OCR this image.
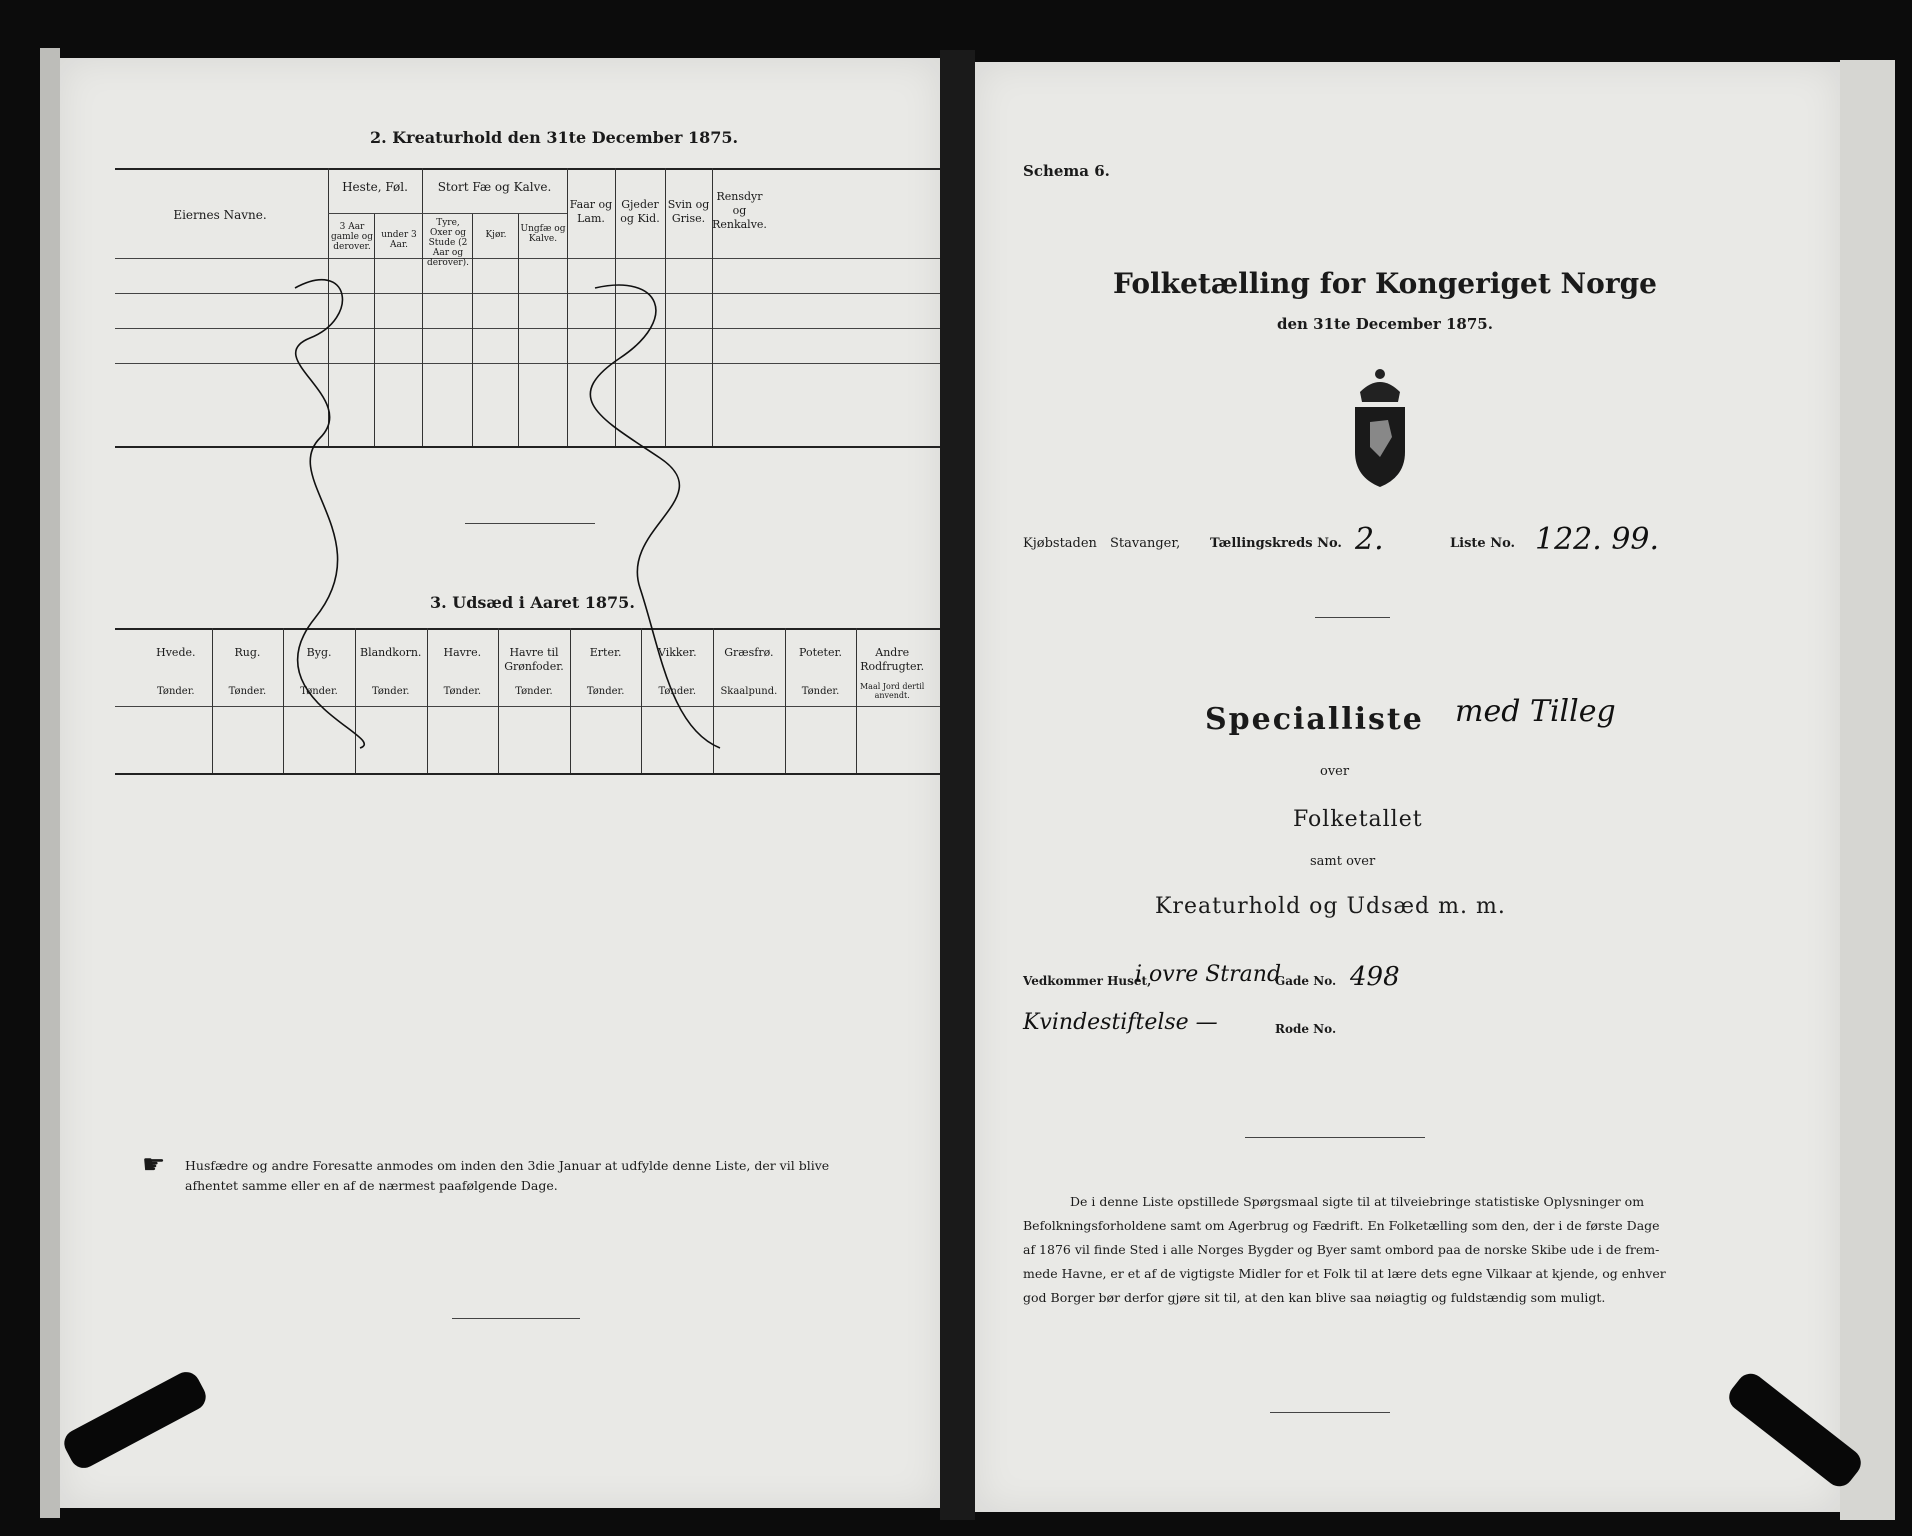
2. Kreaturhold den 31te December 1875.
Eiernes Navne.
Heste, Føl.
3 Aar gamle og derover.
under 3 Aar.
Stort Fæ og Kalve.
Tyre, Oxer og Stude (2 Aar og derover).
Kjør.
Ungfæ og Kalve.
Faar og Lam.
Gjeder og Kid.
Svin og Grise.
Rensdyr og Renkalve.
3. Udsæd i Aaret 1875.
Hvede.
Tønder.
Rug.
Tønder.
Byg.
Tønder.
Blandkorn.
Tønder.
Havre.
Tønder.
Havre til Grønfoder.
Tønder.
Erter.
Tønder.
Vikker.
Tønder.
Græsfrø.
Skaalpund.
Poteter.
Tønder.
Andre Rodfrugter.
Maal Jord dertil anvendt.
☛ Husfædre og andre Foresatte anmodes om inden den 3die Januar at udfylde denne Liste, der vil blive
afhentet samme eller en af de nærmest paafølgende Dage.
Schema 6.
Folketælling for Kongeriget Norge
den 31te December 1875.
Kjøbstaden Stavanger, Tællingskreds No. 2.	Liste No. 122. 99.
Specialliste med Tilleg
over
Folketallet
samt over
Kreaturhold og Udsæd m. m.
Vedkommer Huset,
i ovre Strand
Gade No. 498
Kvindestiftelse —	Rode No.
De i denne Liste opstillede Spørgsmaal sigte til at tilveiebringe statistiske Oplysninger om
Befolkningsforholdene samt om Agerbrug og Fædrift. En Folketælling som den, der i de første Dage
af 1876 vil finde Sted i alle Norges Bygder og Byer samt ombord paa de norske Skibe ude i de frem-
mede Havne, er et af de vigtigste Midler for et Folk til at lære dets egne Vilkaar at kjende, og enhver
god Borger bør derfor gjøre sit til, at den kan blive saa nøiagtig og fuldstændig som muligt.
